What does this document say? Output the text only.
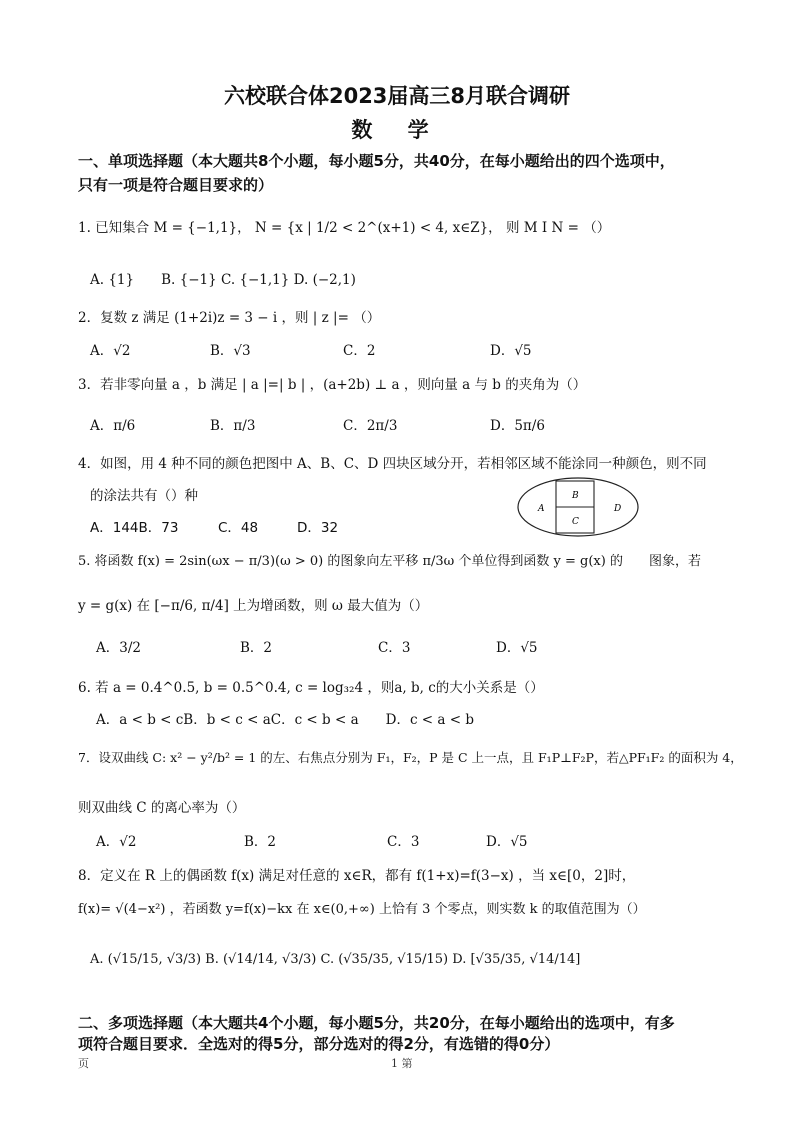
六校联合体2023届高三8月联合调研
数 学
一、单项选择题（本大题共8个小题，每小题5分，共40分，在每小题给出的四个选项中，
只有一项是符合题目要求的）
1. 已知集合 M = {−1,1}， N = {x | 1/2 < 2^(x+1) < 4, x∈Z}， 则 M I N = （）
A. {1}　　B. {−1} C. {−1,1} D. (−2,1)
2．复数 z 满足 (1+2i)z = 3 − i ，则 | z |= （）
A．√2	B．√3	C．2	D．√5
3．若非零向量 a ，b 满足 | a |=| b | ，(a+2b) ⊥ a ，则向量 a 与 b 的夹角为（）
A．π/6	B．π/3	C．2π/3	D．5π/6
4．如图，用 4 种不同的颜色把图中 A、B、C、D 四块区域分开，若相邻区域不能涂同一种颜色，则不同
的涂法共有（）种
A．144B．73	C．48	D．32
A
B
C
D
5. 将函数 f(x) = 2sin(ωx − π/3)(ω > 0) 的图象向左平移 π/3ω 个单位得到函数 y = g(x) 的　　图象，若
y = g(x) 在 [−π/6, π/4] 上为增函数，则 ω 最大值为（）
A．3/2	B．2	C．3	D．√5
6. 若 a = 0.4^0.5, b = 0.5^0.4, c = log₃₂4 ，则a, b, c的大小关系是（）
A．a < b < cB．b < c < aC．c < b < a　　D．c < a < b
7．设双曲线 C: x² − y²/b² = 1 的左、右焦点分别为 F₁，F₂，P 是 C 上一点，且 F₁P⊥F₂P，若△PF₁F₂ 的面积为 4，
则双曲线 C 的离心率为（）
A．√2	B．2	C．3	D．√5
8．定义在 R 上的偶函数 f(x) 满足对任意的 x∈R，都有 f(1+x)=f(3−x) ，当 x∈[0，2]时，
f(x)= √(4−x²) ，若函数 y=f(x)−kx 在 x∈(0,+∞) 上恰有 3 个零点，则实数 k 的取值范围为（）
A. (√15/15, √3/3) B. (√14/14, √3/3) C. (√35/35, √15/15) D. [√35/35, √14/14]
二、多项选择题（本大题共4个小题，每小题5分，共20分，在每小题给出的选项中，有多
项符合题目要求．全选对的得5分，部分选对的得2分，有选错的得0分）
页	1 第
